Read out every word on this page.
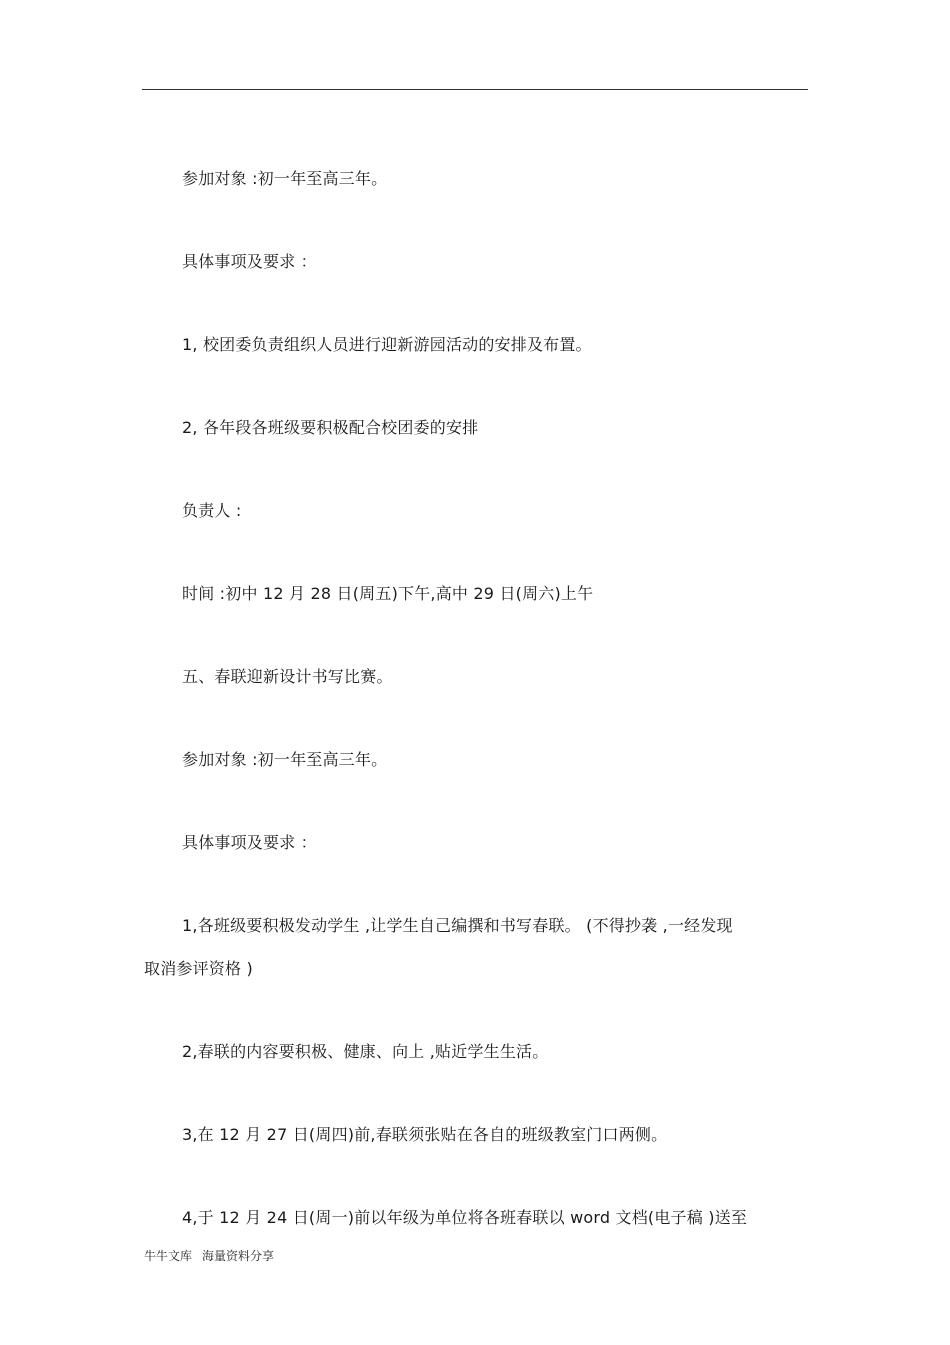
参加对象 :初一年至高三年。
具体事项及要求 ：
1, 校团委负责组织人员进行迎新游园活动的安排及布置。
2, 各年段各班级要积极配合校团委的安排
负责人 :
时间 :初中 12 月 28 日(周五)下午,高中 29 日(周六)上午
五、春联迎新设计书写比赛。
参加对象 :初一年至高三年。
具体事项及要求 ：
1,各班级要积极发动学生 ,让学生自己编撰和书写春联。 (不得抄袭 ,一经发现
取消参评资格 )
2,春联的内容要积极、健康、向上 ,贴近学生生活。
3,在 12 月 27 日(周四)前,春联须张贴在各自的班级教室门口两侧。
4,于 12 月 24 日(周一)前以年级为单位将各班春联以 word 文档(电子稿 )送至
牛牛文库 海量资料分享
